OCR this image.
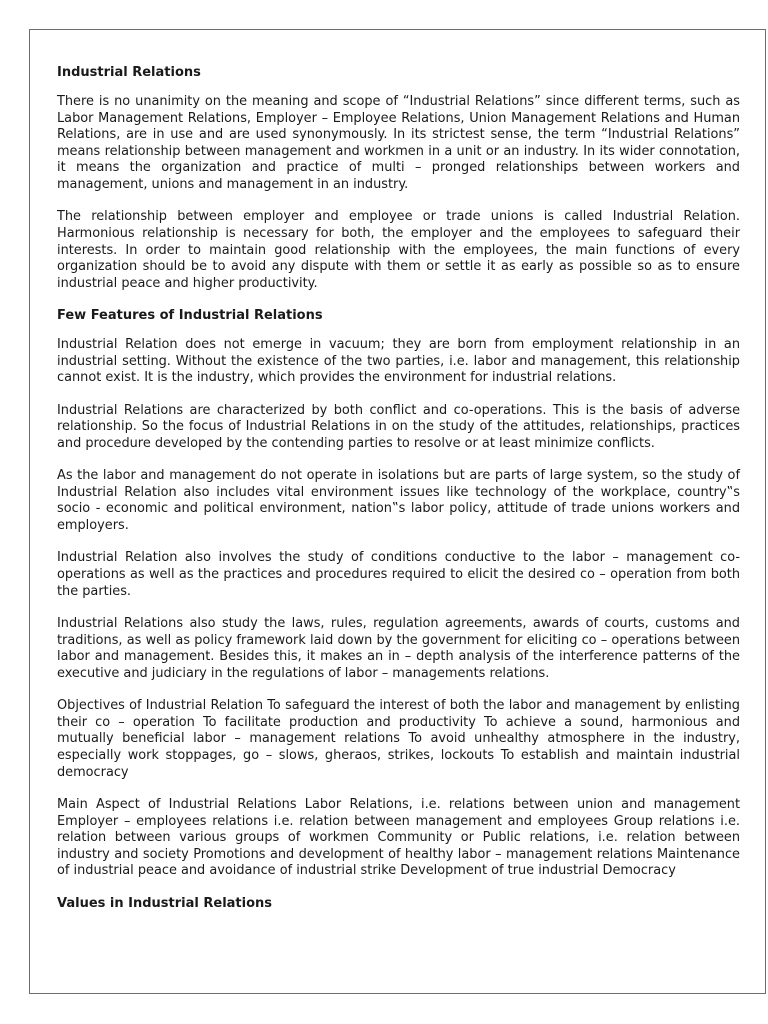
Industrial Relations

There is no unanimity on the meaning and scope of “Industrial Relations” since different terms, such as Labor Management Relations, Employer – Employee Relations, Union Management Relations and Human Relations, are in use and are used synonymously. In its strictest sense, the term “Industrial Relations” means relationship between management and workmen in a unit or an industry. In its wider connotation, it means the organization and practice of multi – pronged relationships between workers and management, unions and management in an industry.

The relationship between employer and employee or trade unions is called Industrial Relation. Harmonious relationship is necessary for both, the employer and the employees to safeguard their interests. In order to maintain good relationship with the employees, the main functions of every organization should be to avoid any dispute with them or settle it as early as possible so as to ensure industrial peace and higher productivity.

Few Features of Industrial Relations

Industrial Relation does not emerge in vacuum; they are born from employment relationship in an industrial setting. Without the existence of the two parties, i.e. labor and management, this relationship cannot exist. It is the industry, which provides the environment for industrial relations.

Industrial Relations are characterized by both conflict and co-operations. This is the basis of adverse relationship. So the focus of Industrial Relations in on the study of the attitudes, relationships, practices and procedure developed by the contending parties to resolve or at least minimize conflicts.

As the labor and management do not operate in isolations but are parts of large system, so the study of Industrial Relation also includes vital environment issues like technology of the workplace, country‟s socio - economic and political environment, nation‟s labor policy, attitude of trade unions workers and employers.

Industrial Relation also involves the study of conditions conductive to the labor – management co-operations as well as the practices and procedures required to elicit the desired co – operation from both the parties.

Industrial Relations also study the laws, rules, regulation agreements, awards of courts, customs and traditions, as well as policy framework laid down by the government for eliciting co – operations between labor and management. Besides this, it makes an in – depth analysis of the interference patterns of the executive and judiciary in the regulations of labor – managements relations.

Objectives of Industrial Relation To safeguard the interest of both the labor and management by enlisting their co – operation To facilitate production and productivity To achieve a sound, harmonious and mutually beneficial labor – management relations To avoid unhealthy atmosphere in the industry, especially work stoppages, go – slows, gheraos, strikes, lockouts To establish and maintain industrial democracy

Main Aspect of Industrial Relations Labor Relations, i.e. relations between union and management Employer – employees relations i.e. relation between management and employees Group relations i.e. relation between various groups of workmen Community or Public relations, i.e. relation between industry and society Promotions and development of healthy labor – management relations Maintenance of industrial peace and avoidance of industrial strike Development of true industrial Democracy

Values in Industrial Relations
